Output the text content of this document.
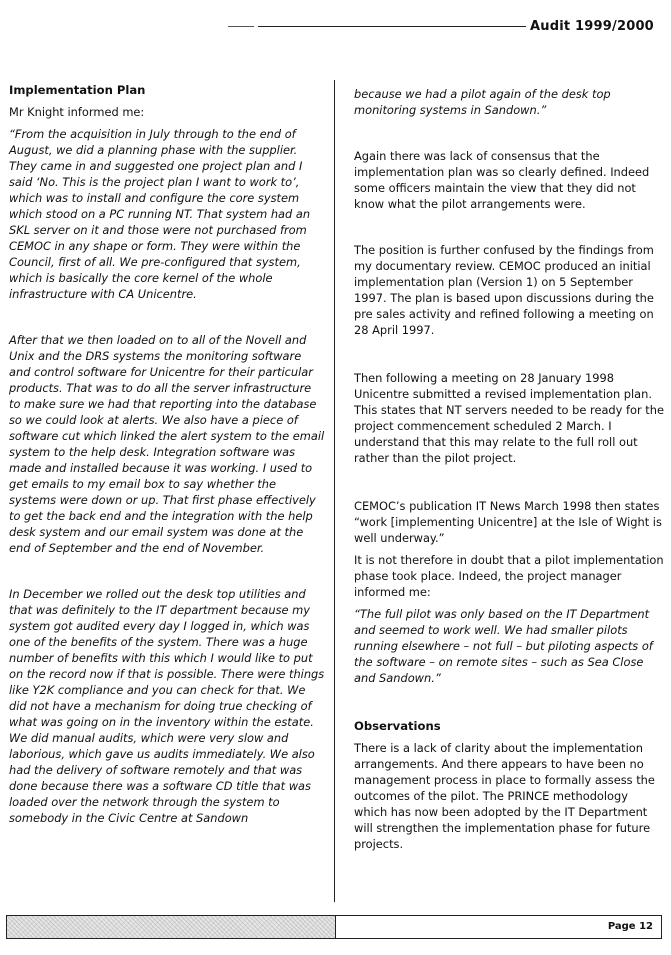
Audit 1999/2000

Implementation Plan

Mr Knight informed me:

“From the acquisition in July through to the end of August, we did a planning phase with the supplier. They came in and suggested one project plan and I said ‘No. This is the project plan I want to work to’, which was to install and configure the core system which stood on a PC running NT. That system had an SKL server on it and those were not purchased from CEMOC in any shape or form. They were within the Council, first of all. We pre-configured that system, which is basically the core kernel of the whole infrastructure with CA Unicentre.

After that we then loaded on to all of the Novell and Unix and the DRS systems the monitoring software and control software for Unicentre for their particular products. That was to do all the server infrastructure to make sure we had that reporting into the database so we could look at alerts. We also have a piece of software cut which linked the alert system to the email system to the help desk. Integration software was made and installed because it was working. I used to get emails to my email box to say whether the systems were down or up. That first phase effectively to get the back end and the integration with the help desk system and our email system was done at the end of September and the end of November.

In December we rolled out the desk top utilities and that was definitely to the IT department because my system got audited every day I logged in, which was one of the benefits of the system. There was a huge number of benefits with this which I would like to put on the record now if that is possible. There were things like Y2K compliance and you can check for that. We did not have a mechanism for doing true checking of what was going on in the inventory within the estate. We did manual audits, which were very slow and laborious, which gave us audits immediately. We also had the delivery of software remotely and that was done because there was a software CD title that was loaded over the network through the system to somebody in the Civic Centre at Sandown

because we had a pilot again of the desk top monitoring systems in Sandown.”

Again there was lack of consensus that the implementation plan was so clearly defined. Indeed some officers maintain the view that they did not know what the pilot arrangements were.

The position is further confused by the findings from my documentary review. CEMOC produced an initial implementation plan (Version 1) on 5 September 1997. The plan is based upon discussions during the pre sales activity and refined following a meeting on 28 April 1997.

Then following a meeting on 28 January 1998 Unicentre submitted a revised implementation plan. This states that NT servers needed to be ready for the project commencement scheduled 2 March. I understand that this may relate to the full roll out rather than the pilot project.

CEMOC’s publication IT News March 1998 then states “work [implementing Unicentre] at the Isle of Wight is well underway.”

It is not therefore in doubt that a pilot implementation phase took place. Indeed, the project manager informed me:

“The full pilot was only based on the IT Department and seemed to work well. We had smaller pilots running elsewhere – not full – but piloting aspects of the software – on remote sites – such as Sea Close and Sandown.”

Observations

There is a lack of clarity about the implementation arrangements. And there appears to have been no management process in place to formally assess the outcomes of the pilot. The PRINCE methodology which has now been adopted by the IT Department will strengthen the implementation phase for future projects.

Page 12
